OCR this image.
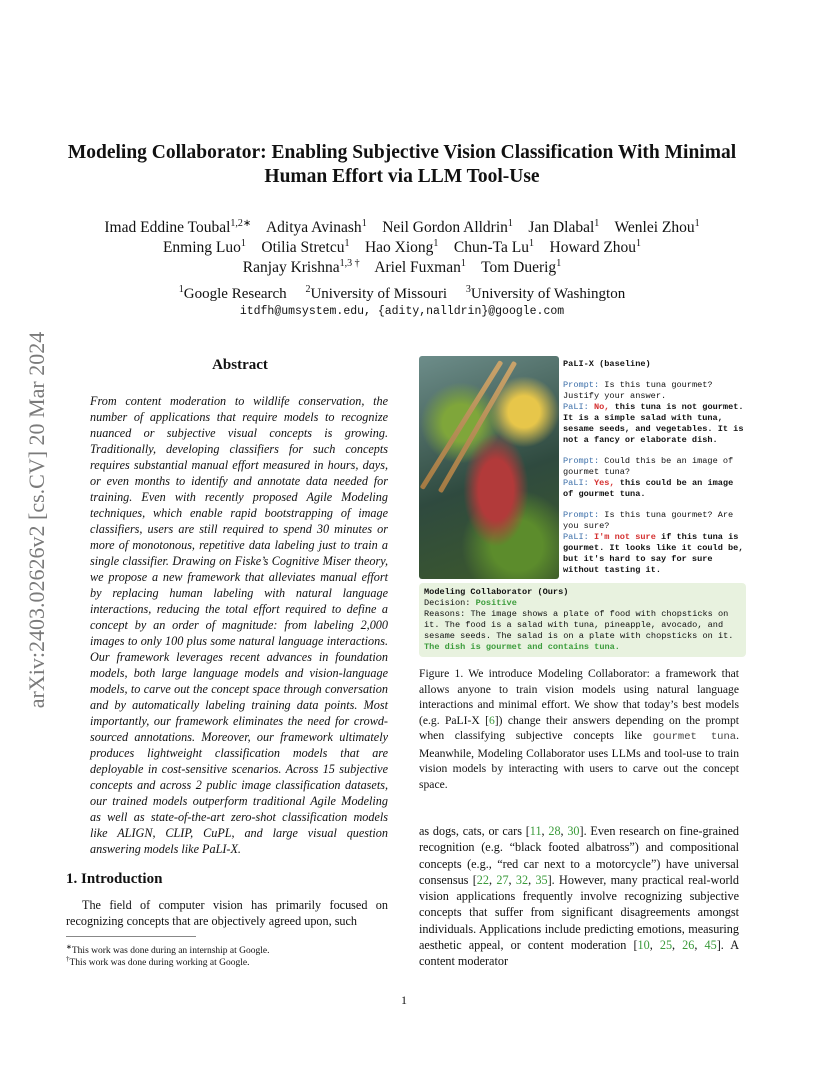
arXiv:2403.02626v2 [cs.CV] 20 Mar 2024
Modeling Collaborator: Enabling Subjective Vision Classification With Minimal
Human Effort via LLM Tool-Use
Imad Eddine Toubal$^{1,2∗}$ Aditya Avinash$^1$ Neil Gordon Alldrin$^1$ Jan Dlabal$^1$ Wenlei Zhou$^1$
Enming Luo$^1$ Otilia Stretcu$^1$ Hao Xiong$^1$ Chun-Ta Lu$^1$ Howard Zhou$^1$
Ranjay Krishna$^{1,3 \dagger}$ Ariel Fuxman$^1$ Tom Duerig$^1$
$^1$Google Research $^2$University of Missouri $^3$University of Washington
itdfh@umsystem.edu, {adity,nalldrin}@google.com
Abstract
From content moderation to wildlife conservation, the number of applications that require models to recognize nuanced or subjective visual concepts is growing. Traditionally, developing classifiers for such concepts requires substantial manual effort measured in hours, days, or even months to identify and annotate data needed for training. Even with recently proposed Agile Modeling techniques, which enable rapid bootstrapping of image classifiers, users are still required to spend 30 minutes or more of monotonous, repetitive data labeling just to train a single classifier. Drawing on Fiske’s Cognitive Miser theory, we propose a new framework that alleviates manual effort by replacing human labeling with natural language interactions, reducing the total effort required to define a concept by an order of magnitude: from labeling 2,000 images to only 100 plus some natural language interactions. Our framework leverages recent advances in foundation models, both large language models and vision-language models, to carve out the concept space through conversation and by automatically labeling training data points. Most importantly, our framework eliminates the need for crowd-sourced annotations. Moreover, our framework ultimately produces lightweight classification models that are deployable in cost-sensitive scenarios. Across 15 subjective concepts and across 2 public image classification datasets, our trained models outperform traditional Agile Modeling as well as state-of-the-art zero-shot classification models like ALIGN, CLIP, CuPL, and large visual question answering models like PaLI-X.
1. Introduction
The field of computer vision has primarily focused on recognizing concepts that are objectively agreed upon, such
∗This work was done during an internship at Google.
†This work was done during working at Google.
PaLI-X (baseline)
Prompt: Is this tuna gourmet? Justify your answer.
PaLI: No, this tuna is not gourmet. It is a simple salad with tuna, sesame seeds, and vegetables. It is not a fancy or elaborate dish.
Prompt: Could this be an image of gourmet tuna?
PaLI: Yes, this could be an image of gourmet tuna.
Prompt: Is this tuna gourmet? Are you sure?
PaLI: I'm not sure if this tuna is gourmet. It looks like it could be, but it's hard to say for sure without tasting it.
Modeling Collaborator (Ours)
Decision: Positive
Reasons: The image shows a plate of food with chopsticks on it. The food is a salad with tuna, pineapple, avocado, and sesame seeds. The salad is on a plate with chopsticks on it. The dish is gourmet and contains tuna.
Figure 1. We introduce Modeling Collaborator: a framework that allows anyone to train vision models using natural language interactions and minimal effort. We show that today’s best models (e.g. PaLI-X [6]) change their answers depending on the prompt when classifying subjective concepts like gourmet tuna. Meanwhile, Modeling Collaborator uses LLMs and tool-use to train vision models by interacting with users to carve out the concept space.
as dogs, cats, or cars [11, 28, 30]. Even research on fine-grained recognition (e.g. “black footed albatross”) and compositional concepts (e.g., “red car next to a motorcycle”) have universal consensus [22, 27, 32, 35]. However, many practical real-world vision applications frequently involve recognizing subjective concepts that suffer from significant disagreements amongst individuals. Applications include predicting emotions, measuring aesthetic appeal, or content moderation [10, 25, 26, 45]. A content moderator
1
